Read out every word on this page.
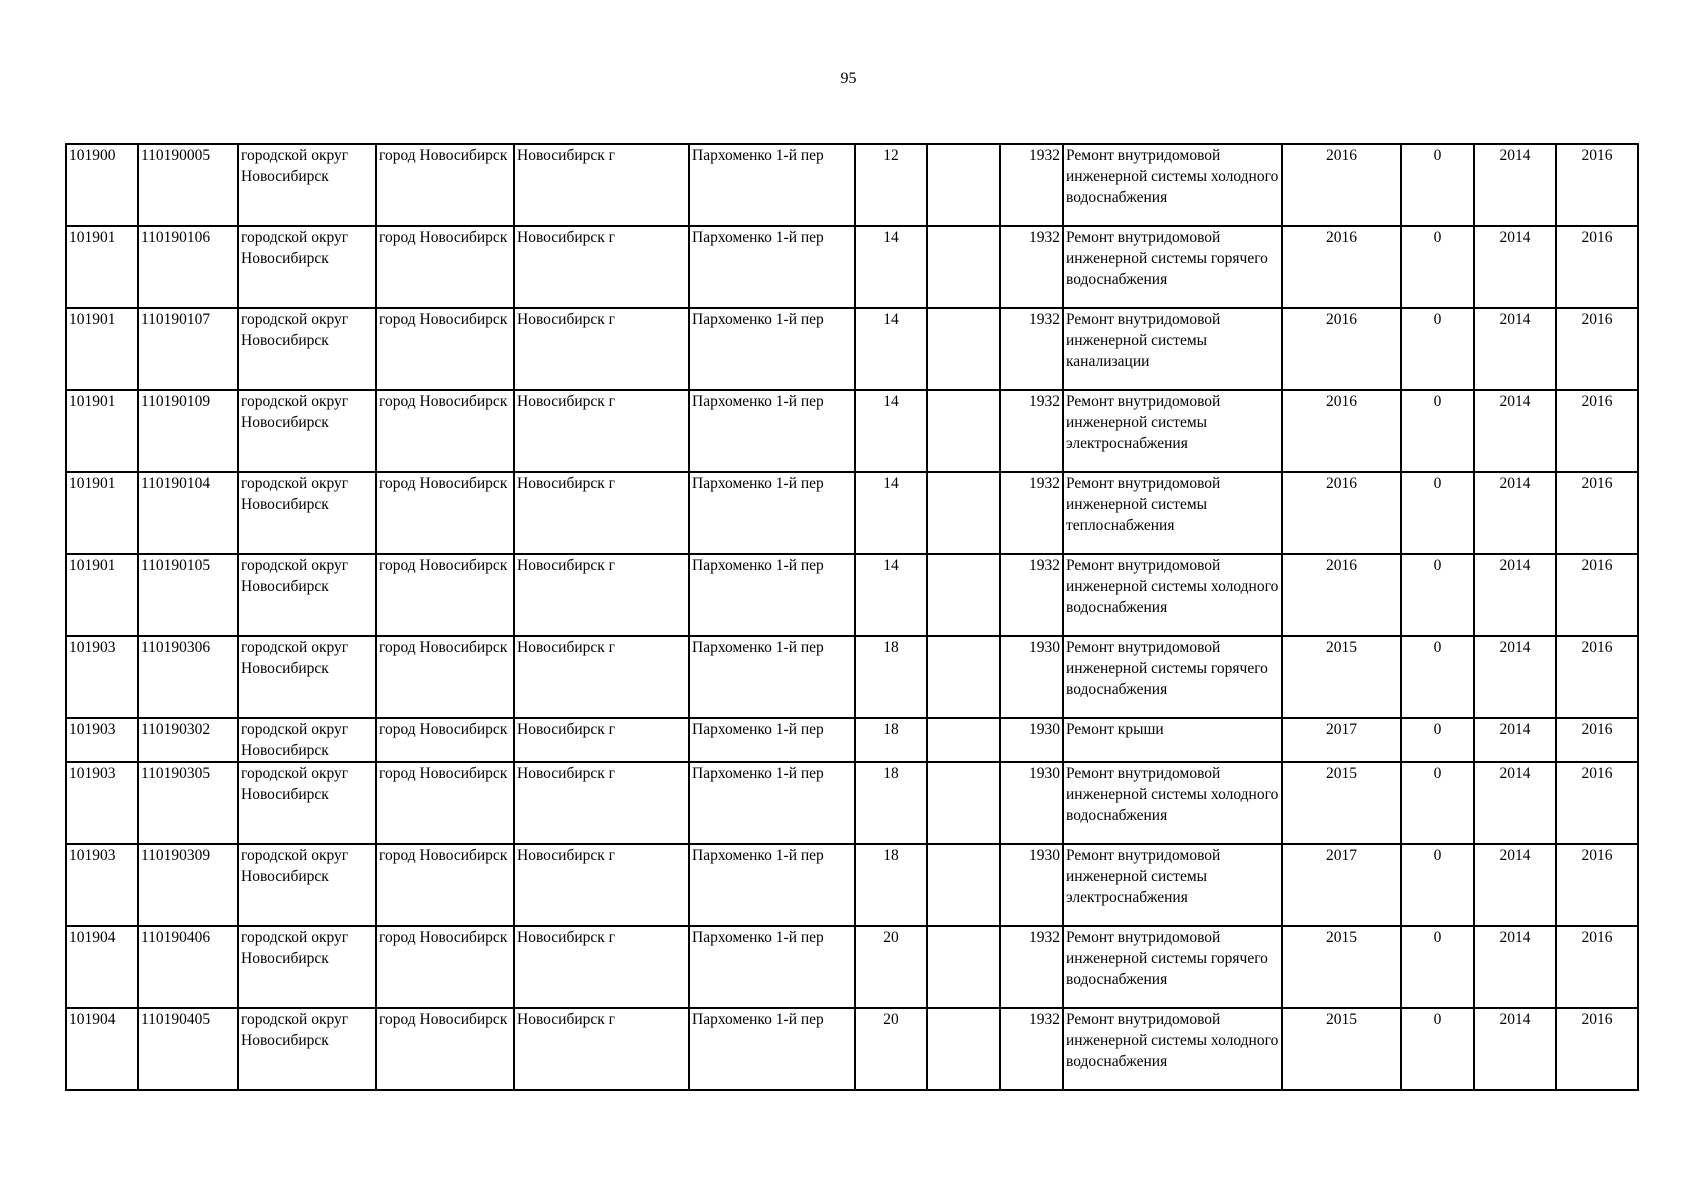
95
101900	110190005	городской округ Новосибирск	город Новосибирск	Новосибирск г	Пархоменко 1-й пер	12		1932	Ремонт внутридомовой инженерной системы холодного водоснабжения	2016	0	2014	2016
101901	110190106	городской округ Новосибирск	город Новосибирск	Новосибирск г	Пархоменко 1-й пер	14		1932	Ремонт внутридомовой инженерной системы горячего водоснабжения	2016	0	2014	2016
101901	110190107	городской округ Новосибирск	город Новосибирск	Новосибирск г	Пархоменко 1-й пер	14		1932	Ремонт внутридомовой инженерной системы канализации	2016	0	2014	2016
101901	110190109	городской округ Новосибирск	город Новосибирск	Новосибирск г	Пархоменко 1-й пер	14		1932	Ремонт внутридомовой инженерной системы электроснабжения	2016	0	2014	2016
101901	110190104	городской округ Новосибирск	город Новосибирск	Новосибирск г	Пархоменко 1-й пер	14		1932	Ремонт внутридомовой инженерной системы теплоснабжения	2016	0	2014	2016
101901	110190105	городской округ Новосибирск	город Новосибирск	Новосибирск г	Пархоменко 1-й пер	14		1932	Ремонт внутридомовой инженерной системы холодного водоснабжения	2016	0	2014	2016
101903	110190306	городской округ Новосибирск	город Новосибирск	Новосибирск г	Пархоменко 1-й пер	18		1930	Ремонт внутридомовой инженерной системы горячего водоснабжения	2015	0	2014	2016
101903	110190302	городской округ Новосибирск	город Новосибирск	Новосибирск г	Пархоменко 1-й пер	18		1930	Ремонт крыши	2017	0	2014	2016
101903	110190305	городской округ Новосибирск	город Новосибирск	Новосибирск г	Пархоменко 1-й пер	18		1930	Ремонт внутридомовой инженерной системы холодного водоснабжения	2015	0	2014	2016
101903	110190309	городской округ Новосибирск	город Новосибирск	Новосибирск г	Пархоменко 1-й пер	18		1930	Ремонт внутридомовой инженерной системы электроснабжения	2017	0	2014	2016
101904	110190406	городской округ Новосибирск	город Новосибирск	Новосибирск г	Пархоменко 1-й пер	20		1932	Ремонт внутридомовой инженерной системы горячего водоснабжения	2015	0	2014	2016
101904	110190405	городской округ Новосибирск	город Новосибирск	Новосибирск г	Пархоменко 1-й пер	20		1932	Ремонт внутридомовой инженерной системы холодного водоснабжения	2015	0	2014	2016
